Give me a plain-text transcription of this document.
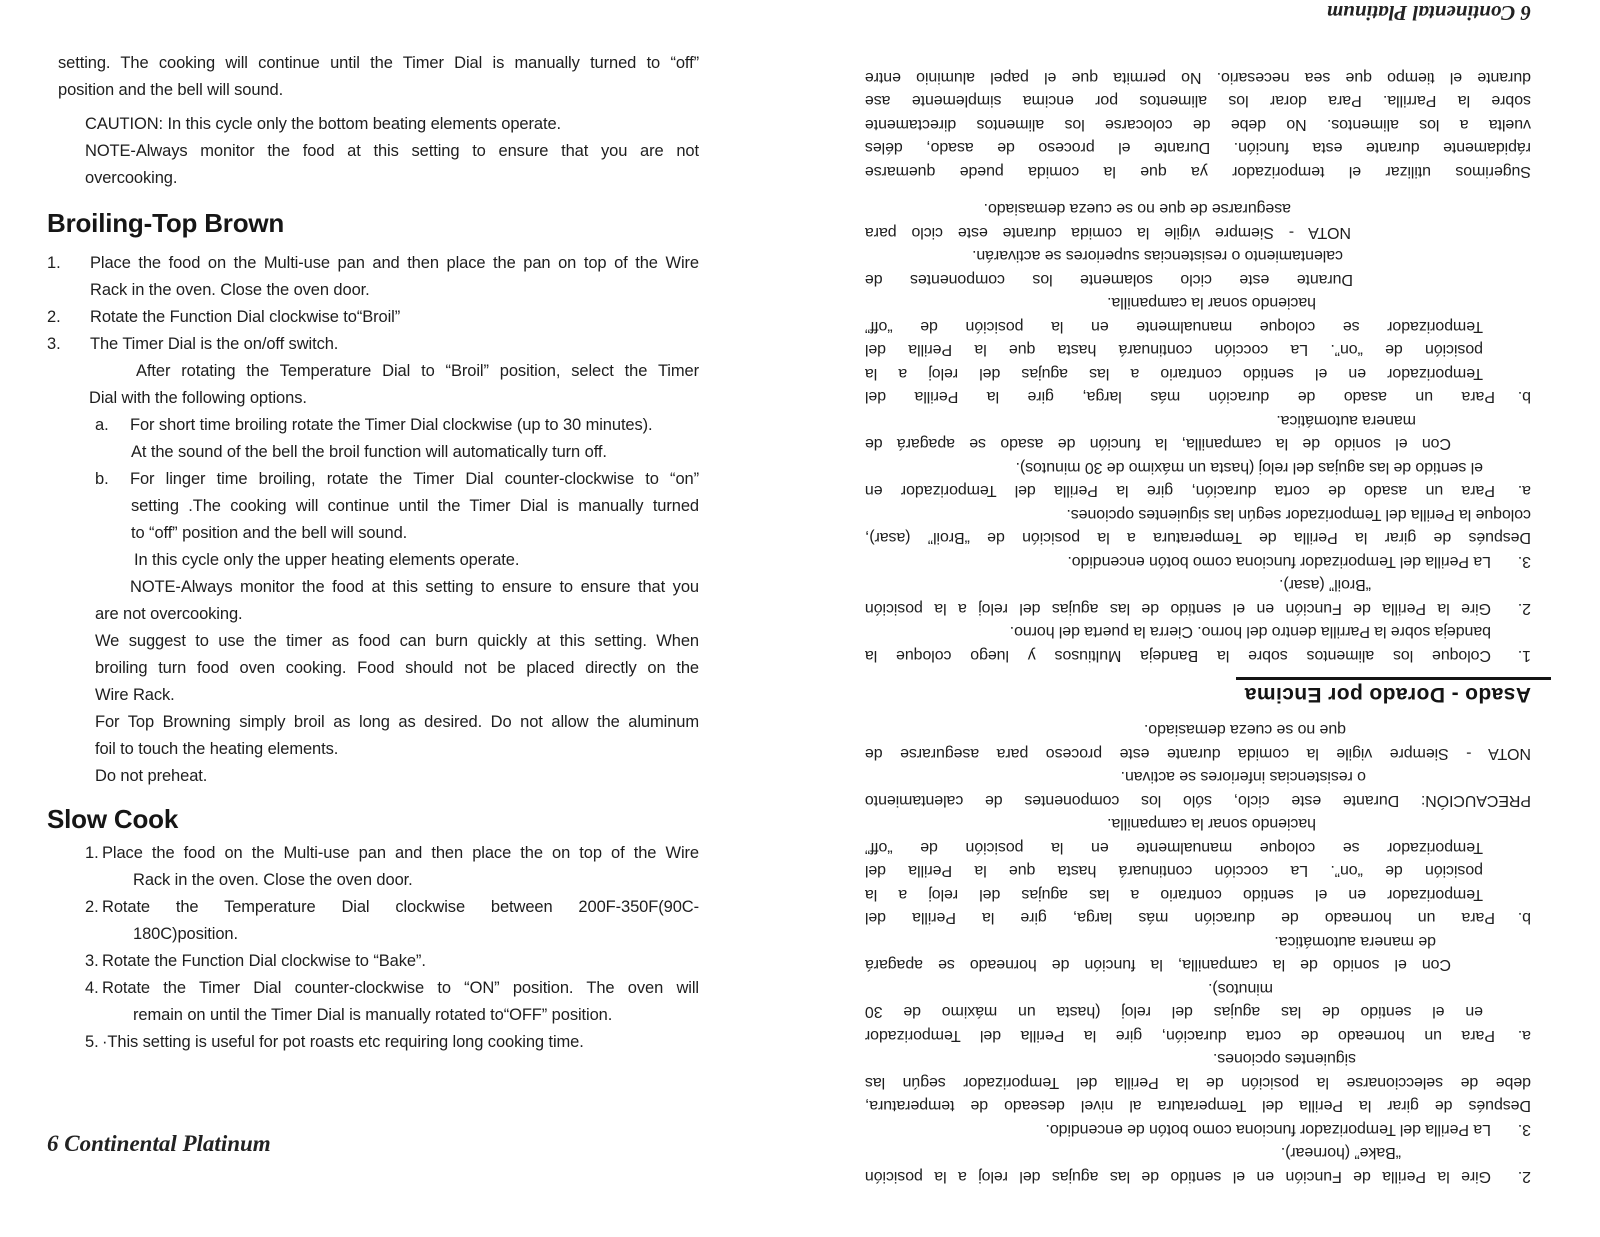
setting. The cooking will continue until the Timer Dial is manually turned to “off”
position and the bell will sound.
CAUTION: In this cycle only the bottom beating elements operate.
NOTE-Always monitor the food at this setting to ensure that you are not
overcooking.
Broiling-Top Brown
1. Place the food on the Multi-use pan and then place the pan on top of the Wire
Rack in the oven. Close the oven door.
2. Rotate the Function Dial clockwise to“Broil”
3. The Timer Dial is the on/off switch.
After rotating the Temperature Dial to “Broil” position, select the Timer
Dial with the following options.
a. For short time broiling rotate the Timer Dial clockwise (up to 30 minutes).
At the sound of the bell the broil function will automatically turn off.
b. For linger time broiling, rotate the Timer Dial counter-clockwise to “on”
setting .The cooking will continue until the Timer Dial is manually turned
to “off” position and the bell will sound.
In this cycle only the upper heating elements operate.
NOTE-Always monitor the food at this setting to ensure to ensure that you
are not overcooking.
We suggest to use the timer as food can burn quickly at this setting. When
broiling turn food oven cooking. Food should not be placed directly on the
Wire Rack.
For Top Browning simply broil as long as desired. Do not allow the aluminum
foil to touch the heating elements.
Do not preheat.
Slow Cook
1. Place the food on the Multi-use pan and then place the on top of the Wire
Rack in the oven. Close the oven door.
2. Rotate the Temperature Dial clockwise between 200F-350F(90C-
180C)position.
3. Rotate the Function Dial clockwise to “Bake”.
4. Rotate the Timer Dial counter-clockwise to “ON” position. The oven will
remain on until the Timer Dial is manually rotated to“OFF” position.
5. ·This setting is useful for pot roasts etc requiring long cooking time.
6 Continental Platinum
2.Gire la Perilla de Función en el sentido de las agujas del reloj a la posición
“Bake” (hornear).
3.La Perilla del Temporizador funciona como botón de encendido.
Después de girar la Perilla del Temperatura al nivel deseado de temperatura,
debe de seleccionarse la posición de la Perilla del Temporizador según las
siguientes opciones.
a.Para un horneado de corta duración, gire la Perilla del Temporizador
en el sentido de las agujas del reloj (hasta un máximo de 30
minutos).
Con el sonido de la campanilla, la función de horneado se apagará
de manera automática.
b.Para un horneado de duración más larga, gire la Perilla del
Temporizador en el sentido contrario a las agujas del reloj a la
posición de “on”. La cocción continuará hasta que la Perilla del
Temporizador se coloque manualmente en la posición de “off”
haciendo sonar la campanilla.
PRECAUCIÓN: Durante este ciclo, sólo los componentes de calentamiento
o resistencias inferiores se activan.
NOTA - Siempre vigile la comida durante este proceso para asegurarse de
que no se cueza demasiado.
Asado - Dorado por Encima
1.Coloque los alimentos sobre la Bandeja Multiusos y luego coloque la
bandeja sobre la Parrilla dentro del horno. Cierra la puerta del horno.
2.Gire la Perilla de Función en el sentido de las agujas del reloj a la posición
“Broil” (asar).
3.La Perilla del Temporizador funciona como botón encendido.
Después de girar la Perilla de Temperatura a la posición de “Broil” (asar),
coloque la Perilla del Temporizador según las siguientes opciones.
a.Para un asado de corta duración, gire la Perilla del Temporizador en
el sentido de las agujas del reloj (hasta un máximo de 30 minutos).
Con el sonido de la campanilla, la función de asado se apagará de
manera automática.
b.Para un asado de duración más larga, gire la Perilla del
Temporizador en el sentido contrario a las agujas del reloj a la
posición de “on”. La cocción continuará hasta que la Perilla del
Temporizador se coloque manualmente en la posición de “off”
haciendo sonar la campanilla.
Durante este ciclo solamente los componentes de
calentamiento o resistencias superiores se activarán.
NOTA - Siempre vigile la comida durante este ciclo para
asegurarse de que no se cueza demasiado.
Sugerimos utilizar el temporizador ya que la comida puede quemarse
rápidamente durante esta función. Durante el proceso de asado, déles
vuelta a los alimentos. No debe de colocarse los alimentos directamente
sobre la Parrilla. Para dorar los alimentos por encima simplemente ase
durante el tiempo que sea necesario. No permita que el papel aluminio entre
6 Continental Platinum
